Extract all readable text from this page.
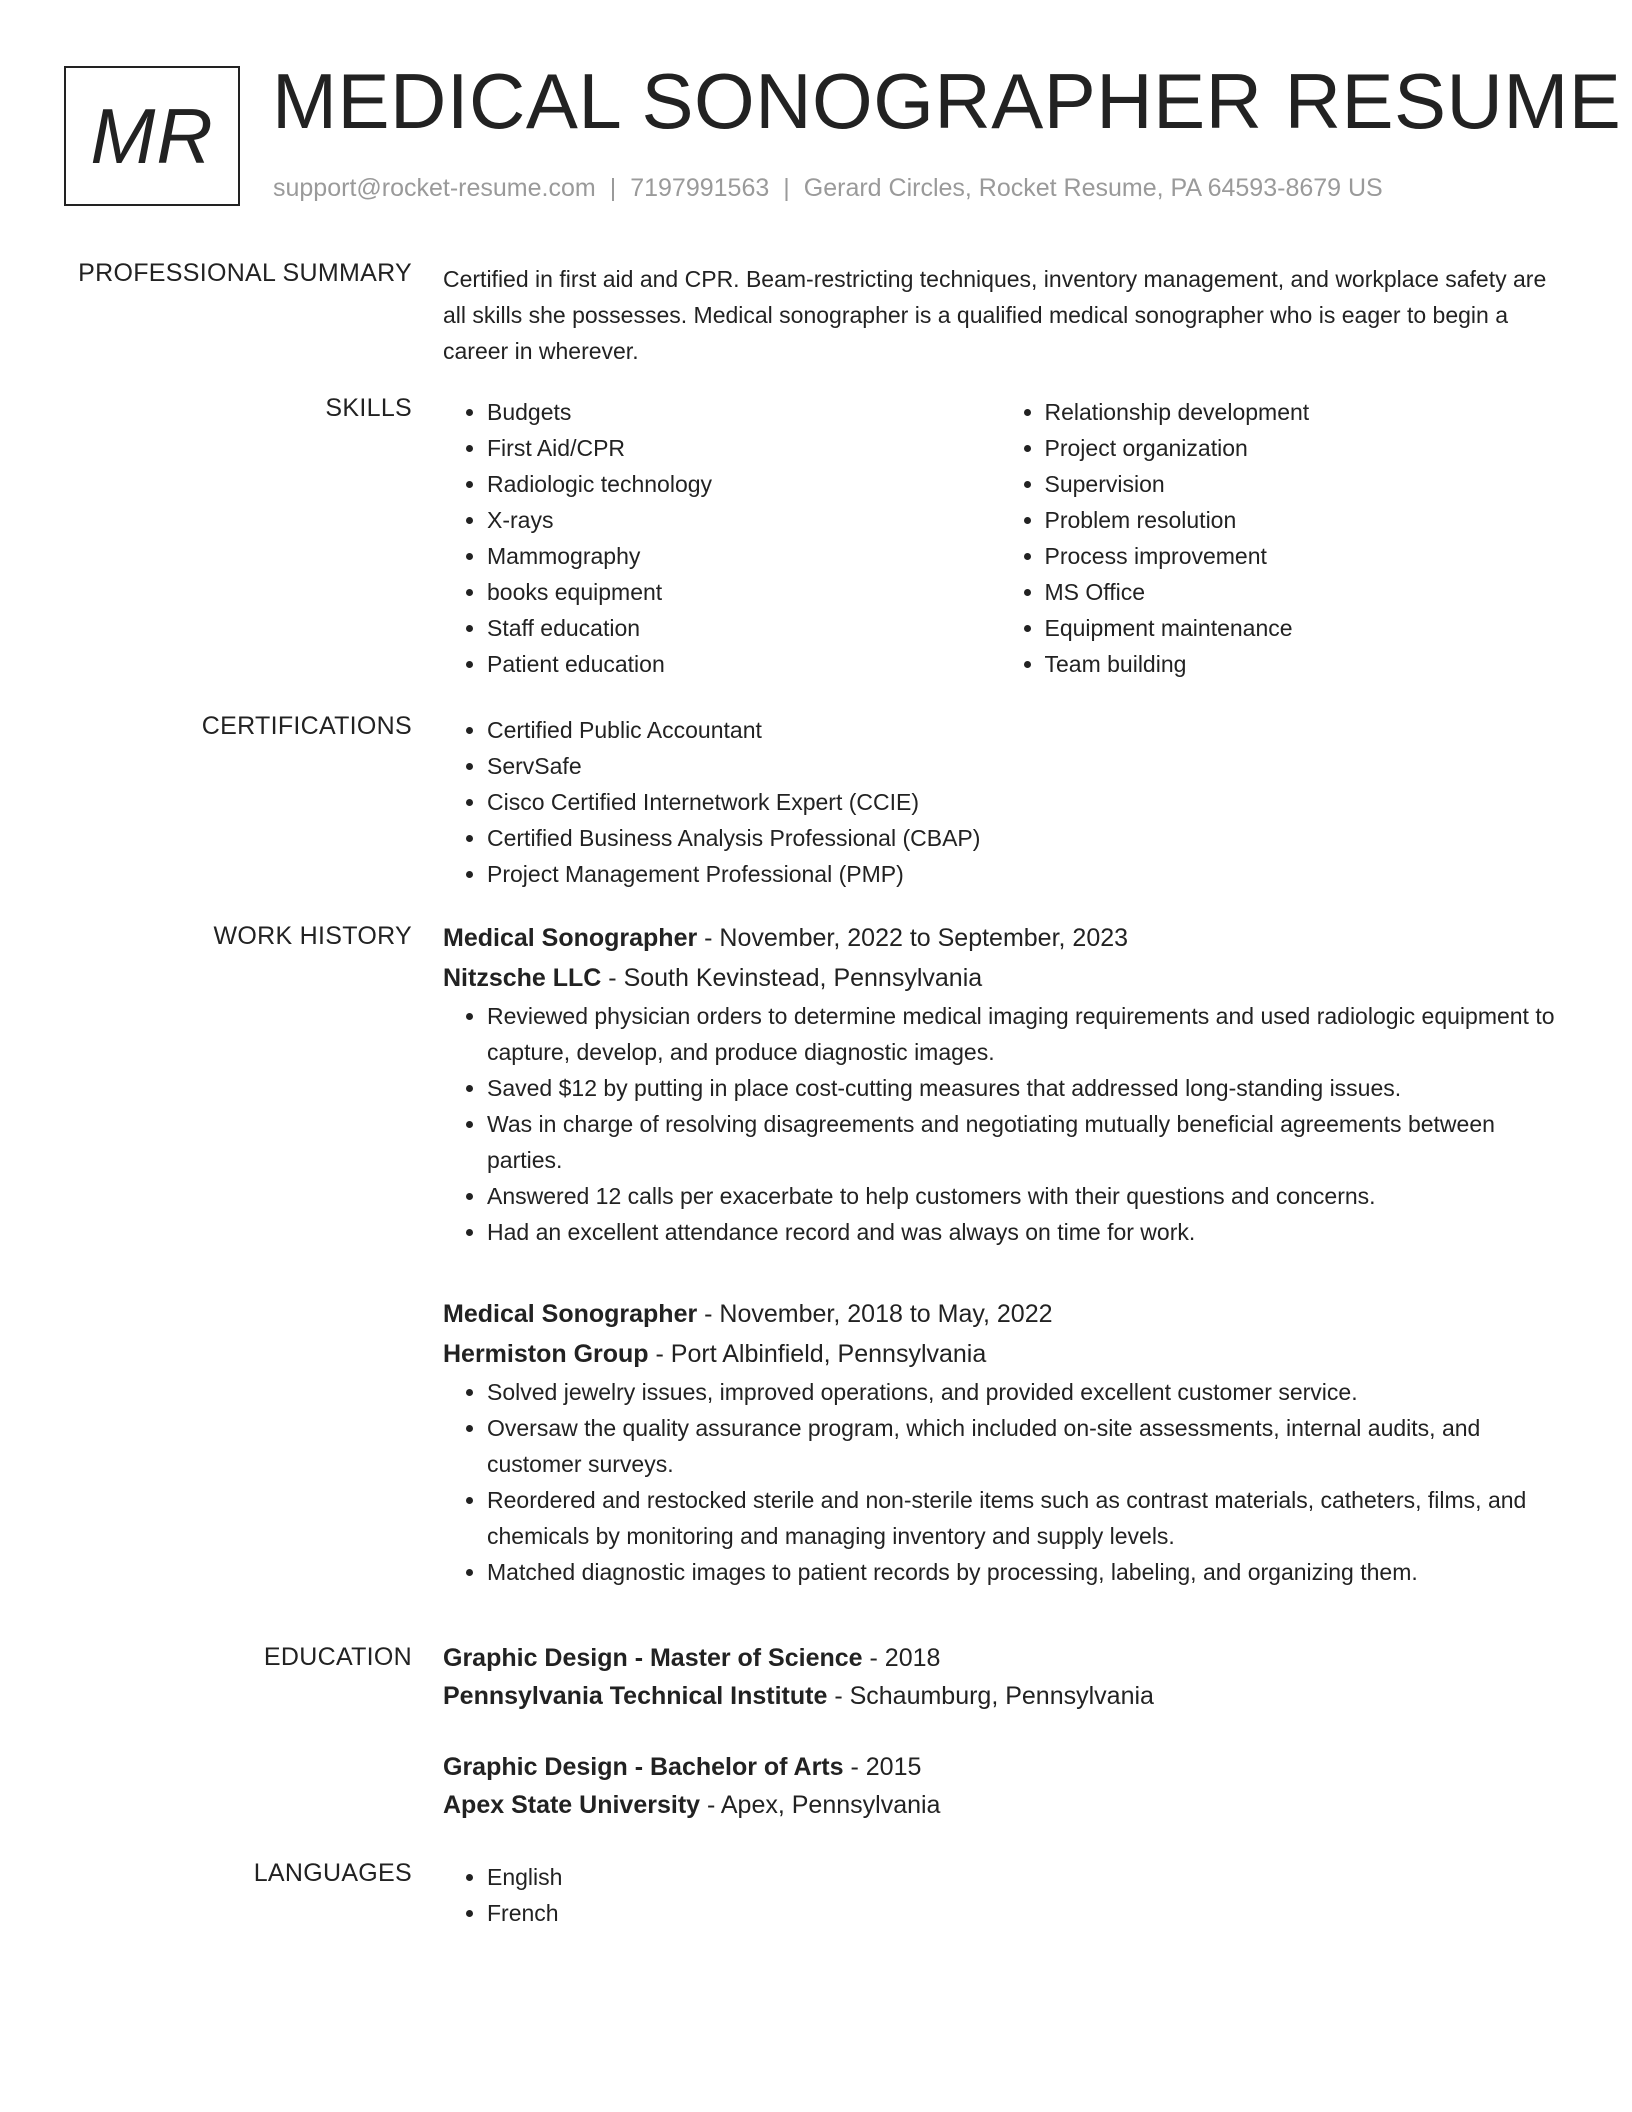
MR MEDICAL SONOGRAPHER RESUME
support@rocket-resume.com | 7197991563 | Gerard Circles, Rocket Resume, PA 64593-8679 US
PROFESSIONAL SUMMARY Certified in first aid and CPR. Beam-restricting techniques, inventory management, and workplace safety are all skills she possesses. Medical sonographer is a qualified medical sonographer who is eager to begin a career in wherever.

SKILLS	• Budgets
• First Aid/CPR
• Radiologic technology
• X-rays
• Mammography
• books equipment
• Staff education
• Patient education
• Relationship development
• Project organization
• Supervision
• Problem resolution
• Process improvement
• MS Office
• Equipment maintenance
• Team building
CERTIFICATIONS	• Certified Public Accountant
• ServSafe
• Cisco Certified Internetwork Expert (CCIE)
• Certified Business Analysis Professional (CBAP)
• Project Management Professional (PMP)
WORK HISTORY Medical Sonographer - November, 2022 to September, 2023
Nitzsche LLC - South Kevinstead, Pennsylvania
• Reviewed physician orders to determine medical imaging requirements and used radiologic equipment to capture, develop, and produce diagnostic images.
• Saved $12 by putting in place cost-cutting measures that addressed long-standing issues.
• Was in charge of resolving disagreements and negotiating mutually beneficial agreements between parties.
• Answered 12 calls per exacerbate to help customers with their questions and concerns.
• Had an excellent attendance record and was always on time for work.
Medical Sonographer - November, 2018 to May, 2022
Hermiston Group - Port Albinfield, Pennsylvania
• Solved jewelry issues, improved operations, and provided excellent customer service.
• Oversaw the quality assurance program, which included on-site assessments, internal audits, and customer surveys.
• Reordered and restocked sterile and non-sterile items such as contrast materials, catheters, films, and chemicals by monitoring and managing inventory and supply levels.
• Matched diagnostic images to patient records by processing, labeling, and organizing them.
EDUCATION Graphic Design - Master of Science - 2018
Pennsylvania Technical Institute - Schaumburg, Pennsylvania
Graphic Design - Bachelor of Arts - 2015
Apex State University - Apex, Pennsylvania
LANGUAGES	• English
• French
